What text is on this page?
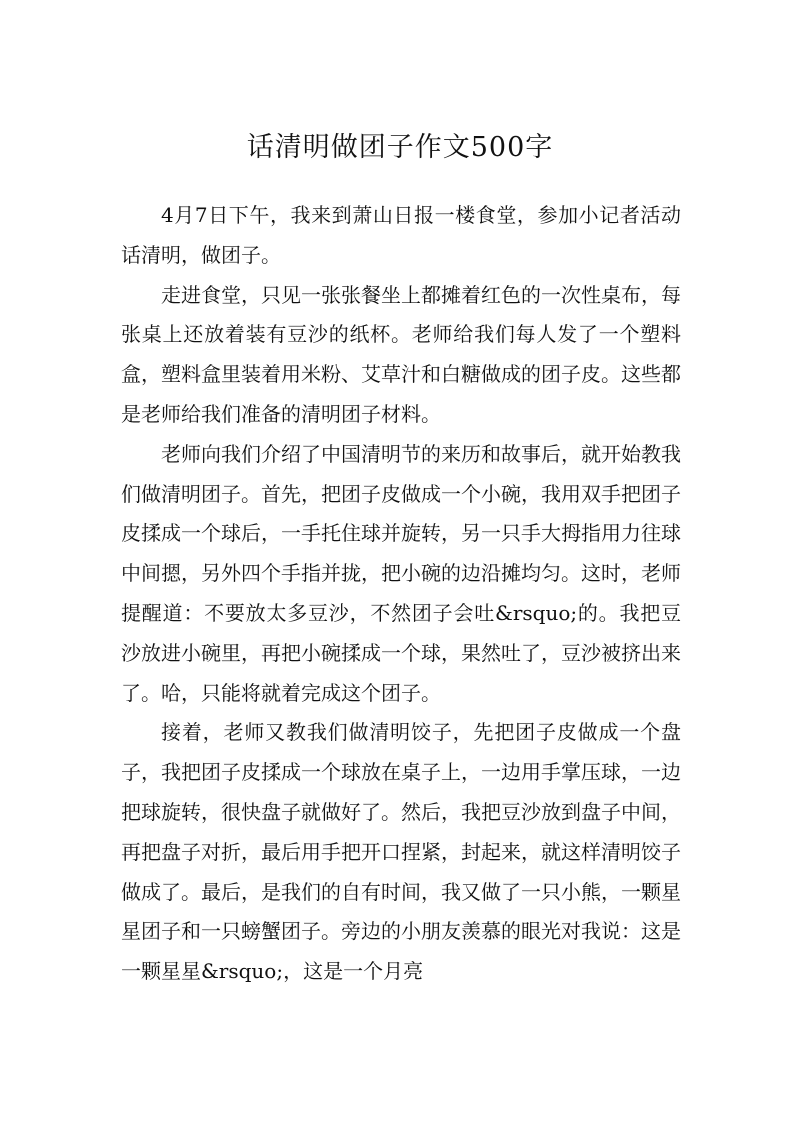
话清明做团子作文500字

4月7日下午，我来到萧山日报一楼食堂，参加小记者活动话清明，做团子。

走进食堂，只见一张张餐坐上都摊着红色的一次性桌布，每张桌上还放着装有豆沙的纸杯。老师给我们每人发了一个塑料盒，塑料盒里装着用米粉、艾草汁和白糖做成的团子皮。这些都是老师给我们准备的清明团子材料。

老师向我们介绍了中国清明节的来历和故事后，就开始教我们做清明团子。首先，把团子皮做成一个小碗，我用双手把团子皮揉成一个球后，一手托住球并旋转，另一只手大拇指用力往球中间摁，另外四个手指并拢，把小碗的边沿摊均匀。这时，老师提醒道：不要放太多豆沙，不然团子会吐&rsquo;的。我把豆沙放进小碗里，再把小碗揉成一个球，果然吐了，豆沙被挤出来了。哈，只能将就着完成这个团子。

接着，老师又教我们做清明饺子，先把团子皮做成一个盘子，我把团子皮揉成一个球放在桌子上，一边用手掌压球，一边把球旋转，很快盘子就做好了。然后，我把豆沙放到盘子中间，再把盘子对折，最后用手把开口捏紧，封起来，就这样清明饺子做成了。最后，是我们的自有时间，我又做了一只小熊，一颗星星团子和一只螃蟹团子。旁边的小朋友羡慕的眼光对我说：这是一颗星星&rsquo;，这是一个月亮
